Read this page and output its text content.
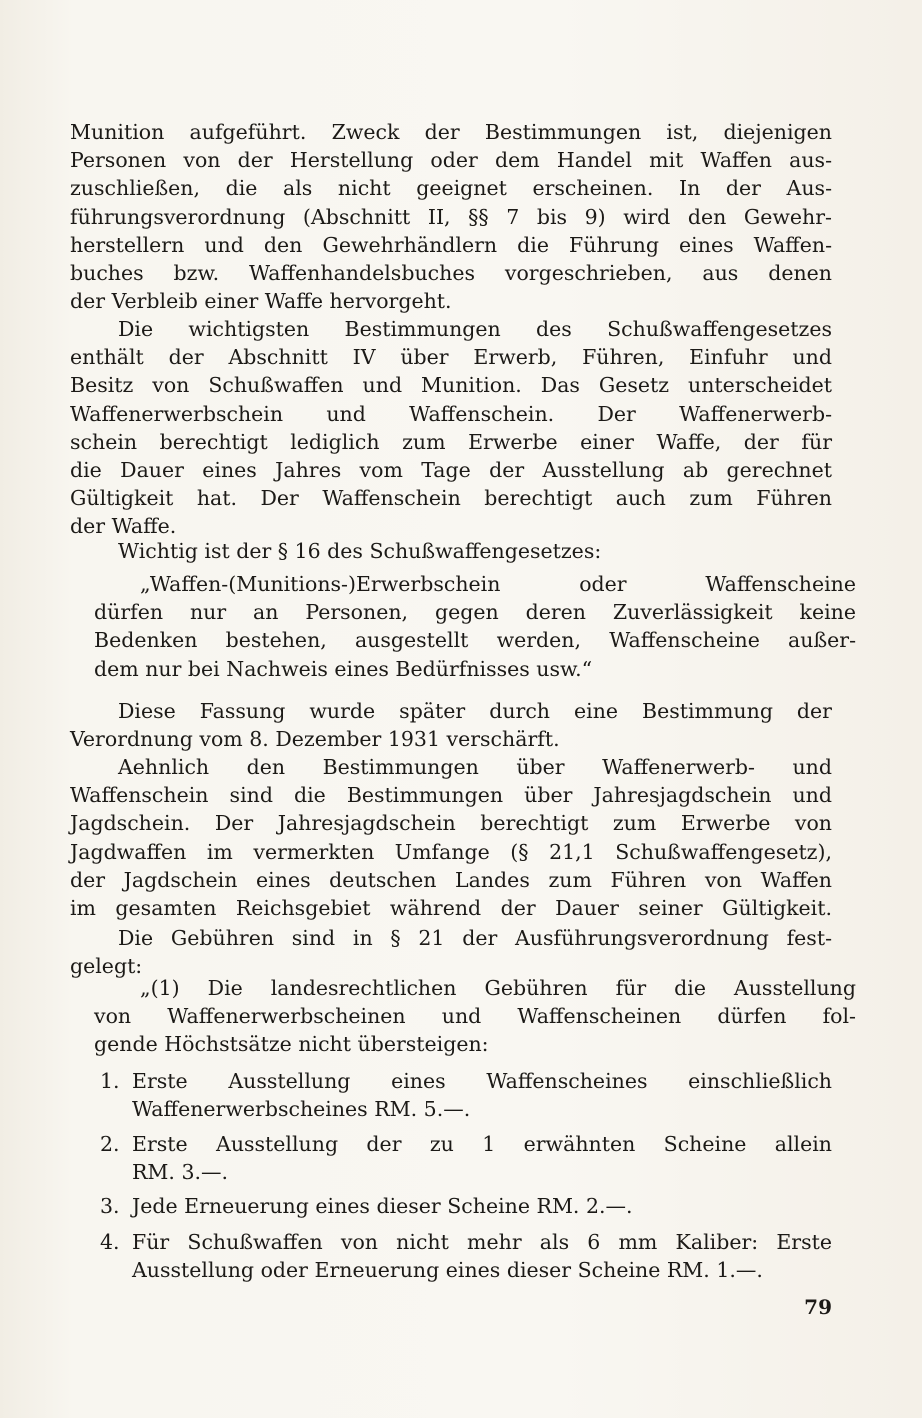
Munition aufgeführt. Zweck der Bestimmungen ist, diejenigen
Personen von der Herstellung oder dem Handel mit Waffen aus-
zuschließen, die als nicht geeignet erscheinen. In der Aus-
führungsverordnung (Abschnitt II, §§ 7 bis 9) wird den Gewehr-
herstellern und den Gewehrhändlern die Führung eines Waffen-
buches bzw. Waffenhandelsbuches vorgeschrieben, aus denen
der Verbleib einer Waffe hervorgeht.
Die wichtigsten Bestimmungen des Schußwaffengesetzes
enthält der Abschnitt IV über Erwerb, Führen, Einfuhr und
Besitz von Schußwaffen und Munition. Das Gesetz unterscheidet
Waffenerwerbschein und Waffenschein. Der Waffenerwerb-
schein berechtigt lediglich zum Erwerbe einer Waffe, der für
die Dauer eines Jahres vom Tage der Ausstellung ab gerechnet
Gültigkeit hat. Der Waffenschein berechtigt auch zum Führen
der Waffe.
Wichtig ist der § 16 des Schußwaffengesetzes:
„Waffen-(Munitions-)Erwerbschein oder Waffenscheine
dürfen nur an Personen, gegen deren Zuverlässigkeit keine
Bedenken bestehen, ausgestellt werden, Waffenscheine außer-
dem nur bei Nachweis eines Bedürfnisses usw.“
Diese Fassung wurde später durch eine Bestimmung der
Verordnung vom 8. Dezember 1931 verschärft.
Aehnlich den Bestimmungen über Waffenerwerb- und
Waffenschein sind die Bestimmungen über Jahresjagdschein und
Jagdschein. Der Jahresjagdschein berechtigt zum Erwerbe von
Jagdwaffen im vermerkten Umfange (§ 21,1 Schußwaffengesetz),
der Jagdschein eines deutschen Landes zum Führen von Waffen
im gesamten Reichsgebiet während der Dauer seiner Gültigkeit.
Die Gebühren sind in § 21 der Ausführungsverordnung fest-
gelegt:
„(1) Die landesrechtlichen Gebühren für die Ausstellung
von Waffenerwerbscheinen und Waffenscheinen dürfen fol-
gende Höchstsätze nicht übersteigen:
1. Erste Ausstellung eines Waffenscheines einschließlich
Waffenerwerbscheines RM. 5.—.
2. Erste Ausstellung der zu 1 erwähnten Scheine allein
RM. 3.—.
3. Jede Erneuerung eines dieser Scheine RM. 2.—.
4. Für Schußwaffen von nicht mehr als 6 mm Kaliber: Erste
Ausstellung oder Erneuerung eines dieser Scheine RM. 1.—.
79
